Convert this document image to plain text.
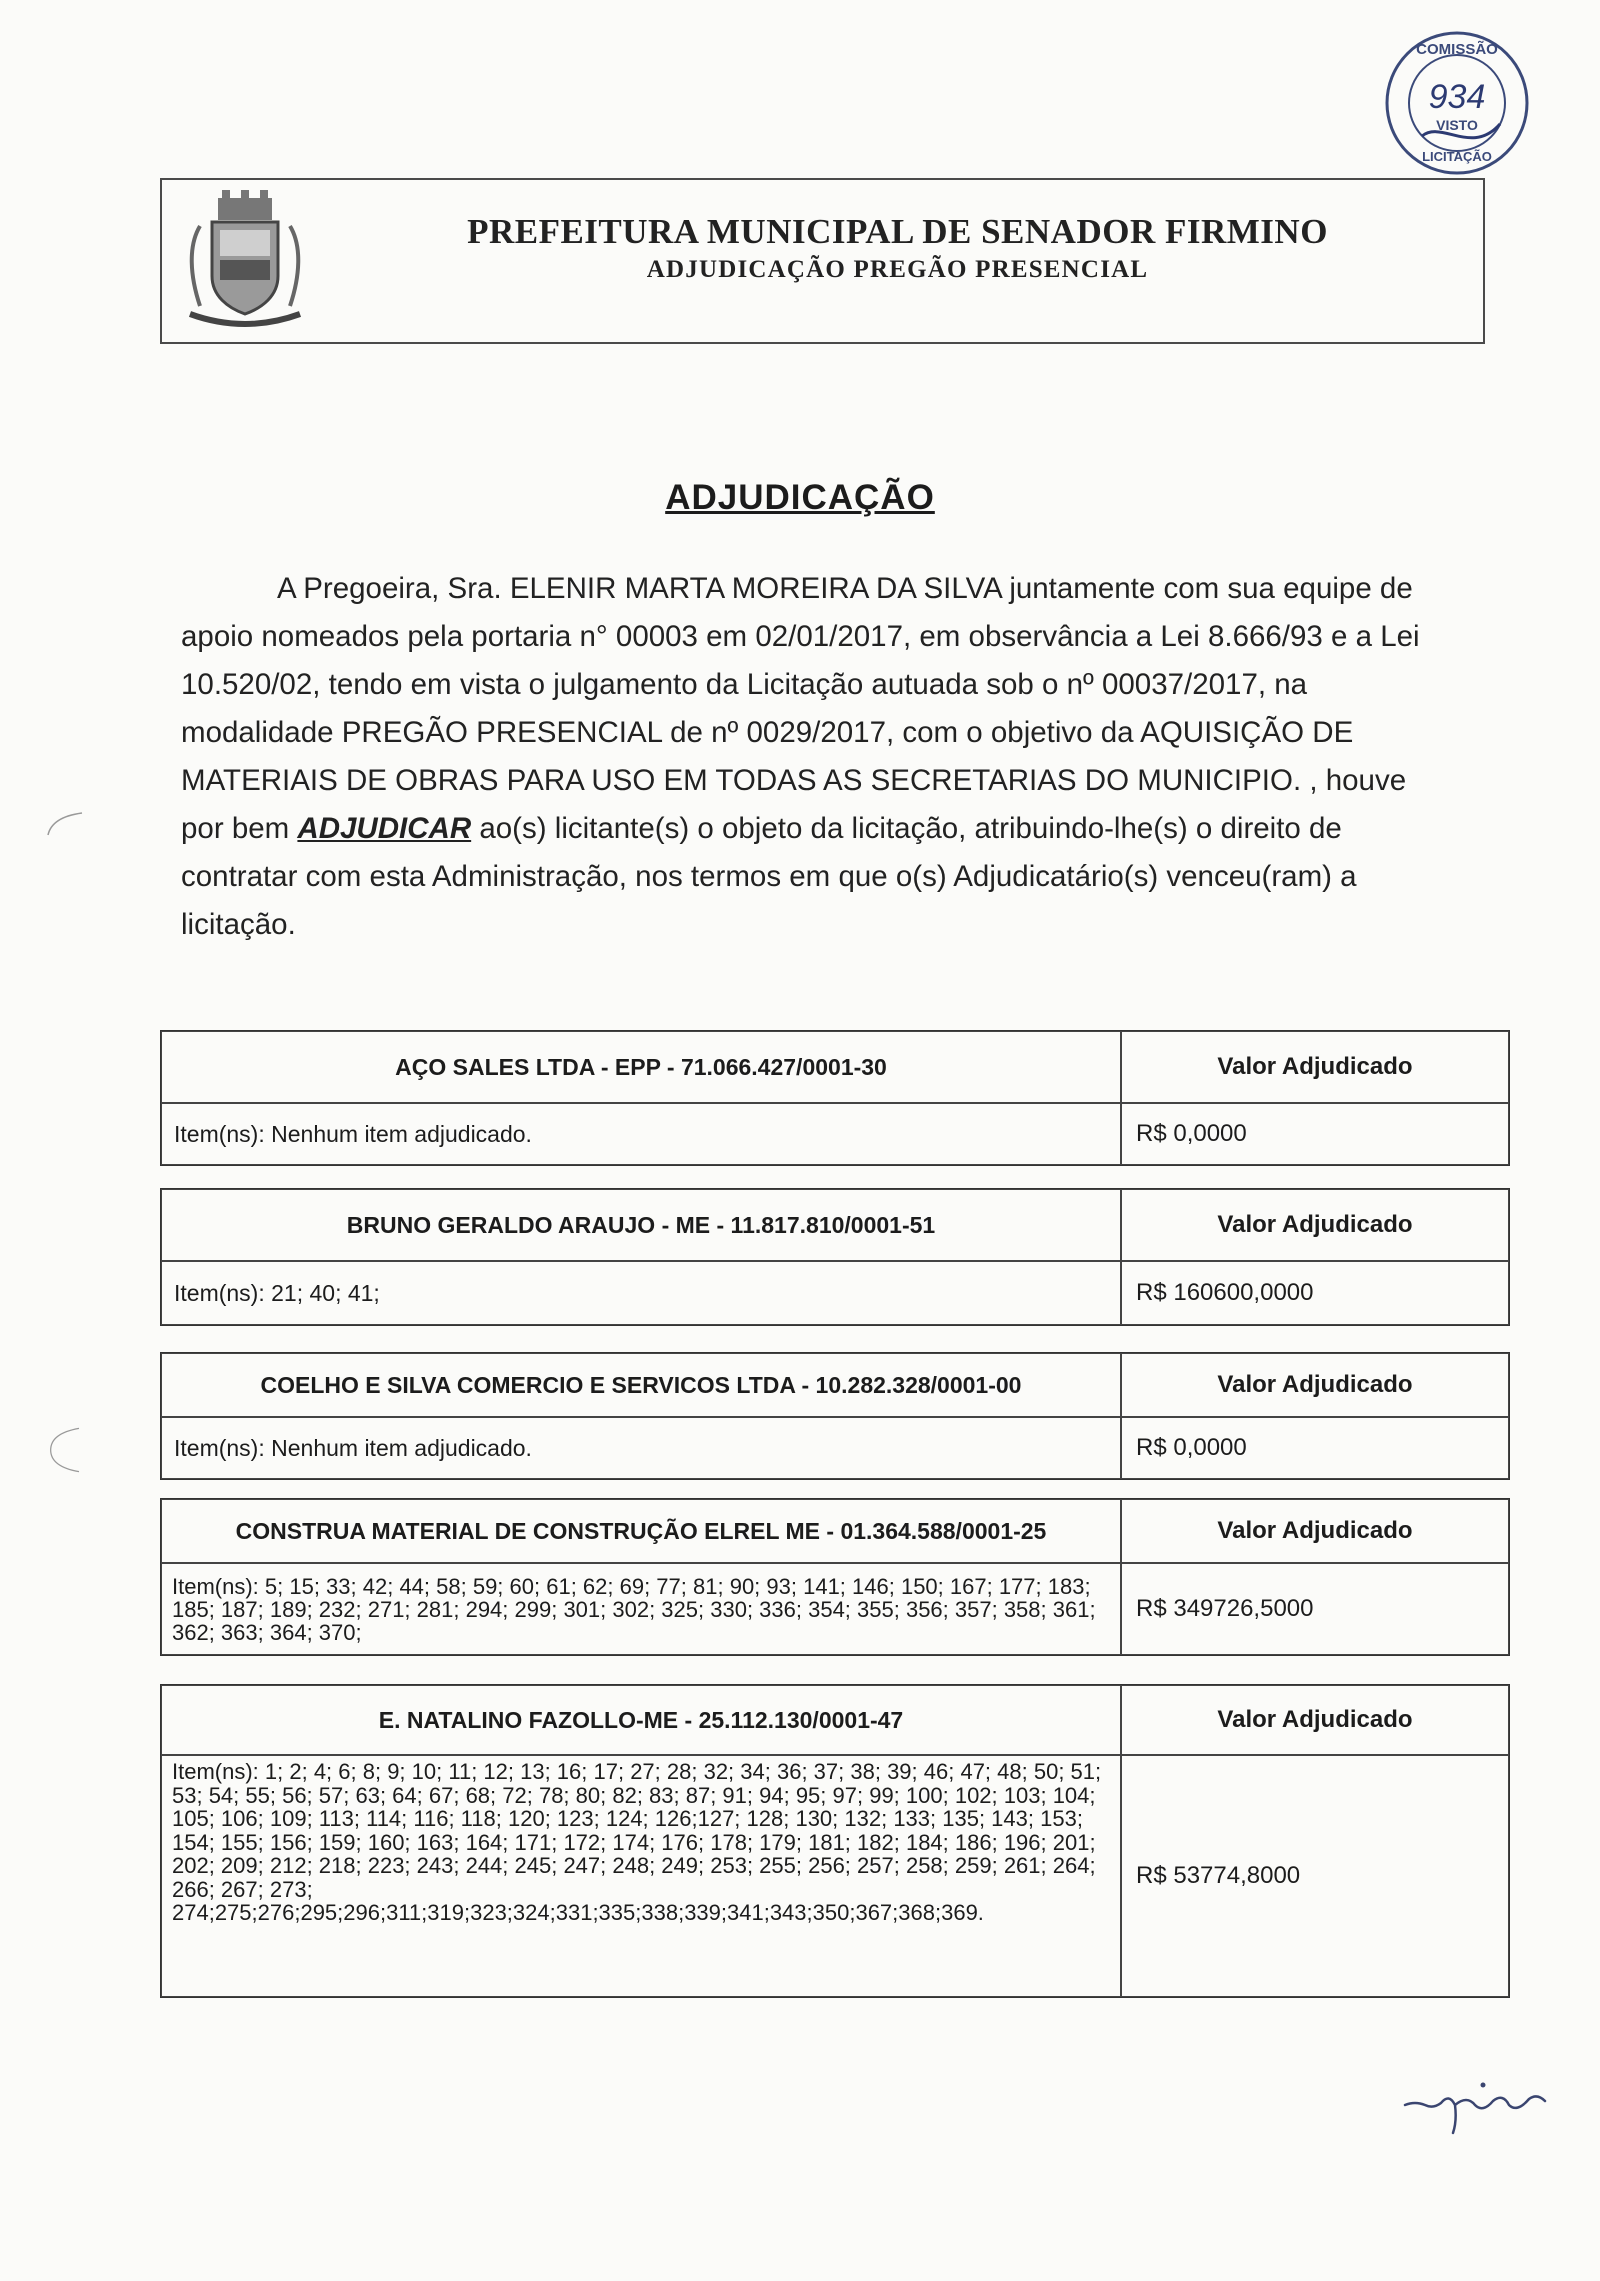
COMISSÃO
934
VISTO
LICITAÇÃO
PREFEITURA MUNICIPAL DE SENADOR FIRMINO
ADJUDICAÇÃO PREGÃO PRESENCIAL
ADJUDICAÇÃO
A Pregoeira, Sra. ELENIR MARTA MOREIRA DA SILVA juntamente com sua equipe de
apoio nomeados pela portaria n° 00003 em 02/01/2017, em observância a Lei 8.666/93 e a Lei
10.520/02, tendo em vista o julgamento da Licitação autuada sob o nº 00037/2017, na
modalidade PREGÃO PRESENCIAL de nº 0029/2017, com o objetivo da AQUISIÇÃO DE
MATERIAIS DE OBRAS PARA USO EM TODAS AS SECRETARIAS DO MUNICIPIO. , houve
por bem ADJUDICAR ao(s) licitante(s) o objeto da licitação, atribuindo-lhe(s) o direito de
contratar com esta Administração, nos termos em que o(s) Adjudicatário(s) venceu(ram) a
licitação.
AÇO SALES LTDA - EPP - 71.066.427/0001-30	Valor Adjudicado
Item(ns): Nenhum item adjudicado.	R$ 0,0000
BRUNO GERALDO ARAUJO - ME - 11.817.810/0001-51	Valor Adjudicado
Item(ns): 21; 40; 41;	R$ 160600,0000
COELHO E SILVA COMERCIO E SERVICOS LTDA - 10.282.328/0001-00	Valor Adjudicado
Item(ns): Nenhum item adjudicado.	R$ 0,0000
CONSTRUA MATERIAL DE CONSTRUÇÃO ELREL ME - 01.364.588/0001-25	Valor Adjudicado
Item(ns): 5; 15; 33; 42; 44; 58; 59; 60; 61; 62; 69; 77; 81; 90; 93; 141; 146; 150; 167; 177; 183; 185; 187; 189; 232; 271; 281; 294; 299; 301; 302; 325; 330; 336; 354; 355; 356; 357; 358; 361; 362; 363; 364; 370;
R$ 349726,5000
E. NATALINO FAZOLLO-ME - 25.112.130/0001-47	Valor Adjudicado
Item(ns): 1; 2; 4; 6; 8; 9; 10; 11; 12; 13; 16; 17; 27; 28; 32; 34; 36; 37; 38; 39; 46; 47; 48; 50; 51; 53; 54; 55; 56; 57; 63; 64; 67; 68; 72; 78; 80; 82; 83; 87; 91; 94; 95; 97; 99; 100; 102; 103; 104; 105; 106; 109; 113; 114; 116; 118; 120; 123; 124; 126;127; 128; 130; 132; 133; 135; 143; 153; 154; 155; 156; 159; 160; 163; 164; 171; 172; 174; 176; 178; 179; 181; 182; 184; 186; 196; 201; 202; 209; 212; 218; 223; 243; 244; 245; 247; 248; 249; 253; 255; 256; 257; 258; 259; 261; 264; 266; 267; 273; 274;275;276;295;296;311;319;323;324;331;335;338;339;341;343;350;367;368;369.
R$ 53774,8000
